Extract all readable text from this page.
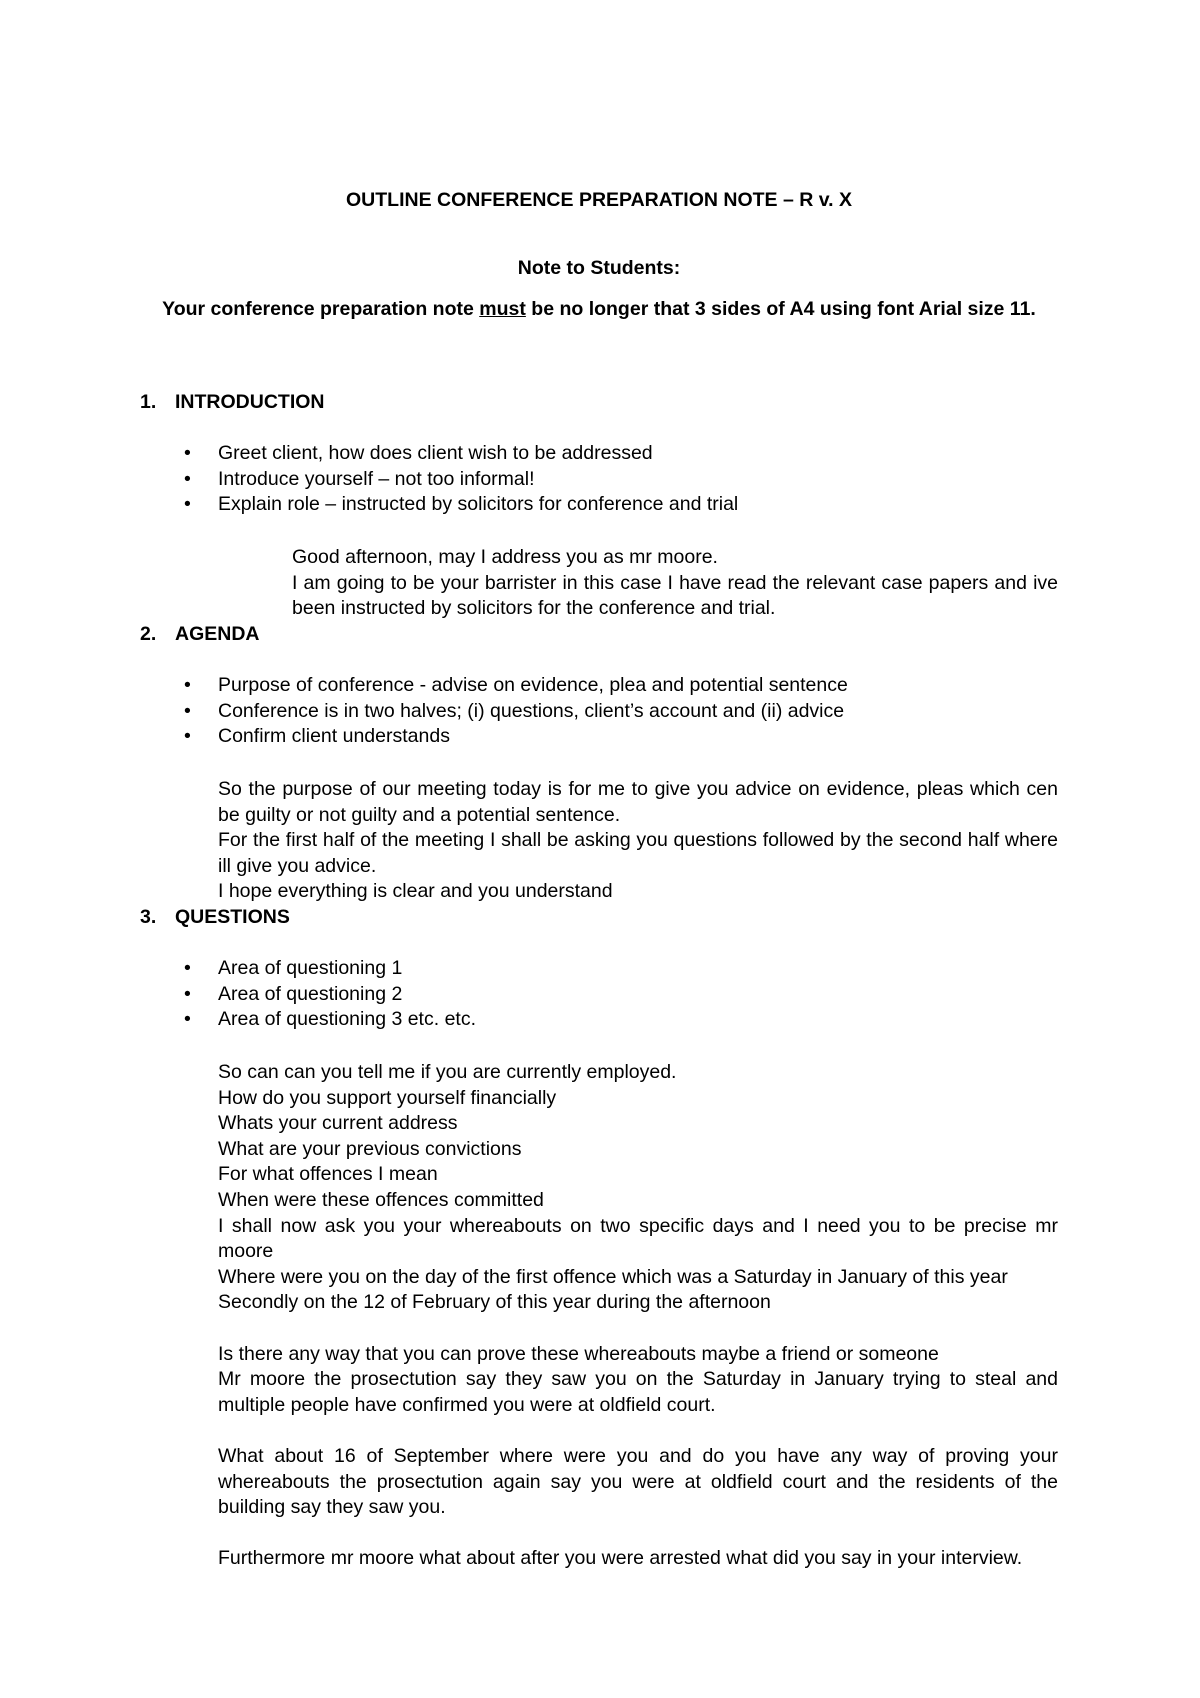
OUTLINE CONFERENCE PREPARATION NOTE – R v. X
Note to Students:
Your conference preparation note must be no longer that 3 sides of A4 using font Arial size 11.
1. INTRODUCTION
• Greet client, how does client wish to be addressed
• Introduce yourself – not too informal!
• Explain role – instructed by solicitors for conference and trial
Good afternoon, may I address you as mr moore.
I am going to be your barrister in this case I have read the relevant case papers and ive been instructed by solicitors for the conference and trial.
2. AGENDA
• Purpose of conference - advise on evidence, plea and potential sentence
• Conference is in two halves; (i) questions, client’s account and (ii) advice
• Confirm client understands
So the purpose of our meeting today is for me to give you advice on evidence, pleas which cen be guilty or not guilty and a potential sentence.
For the first half of the meeting I shall be asking you questions followed by the second half where ill give you advice.
I hope everything is clear and you understand
3. QUESTIONS
• Area of questioning 1
• Area of questioning 2
• Area of questioning 3 etc. etc.
So can can you tell me if you are currently employed.
How do you support yourself financially
Whats your current address
What are your previous convictions
For what offences I mean
When were these offences committed
I shall now ask you your whereabouts on two specific days and I need you to be precise mr moore
Where were you on the day of the first offence which was a Saturday in January of this year
Secondly on the 12 of February of this year during the afternoon
Is there any way that you can prove these whereabouts maybe a friend or someone
Mr moore the prosectution say they saw you on the Saturday in January trying to steal and multiple people have confirmed you were at oldfield court.
What about 16 of September where were you and do you have any way of proving your whereabouts the prosectution again say you were at oldfield court and the residents of the building say they saw you.
Furthermore mr moore what about after you were arrested what did you say in your interview.
